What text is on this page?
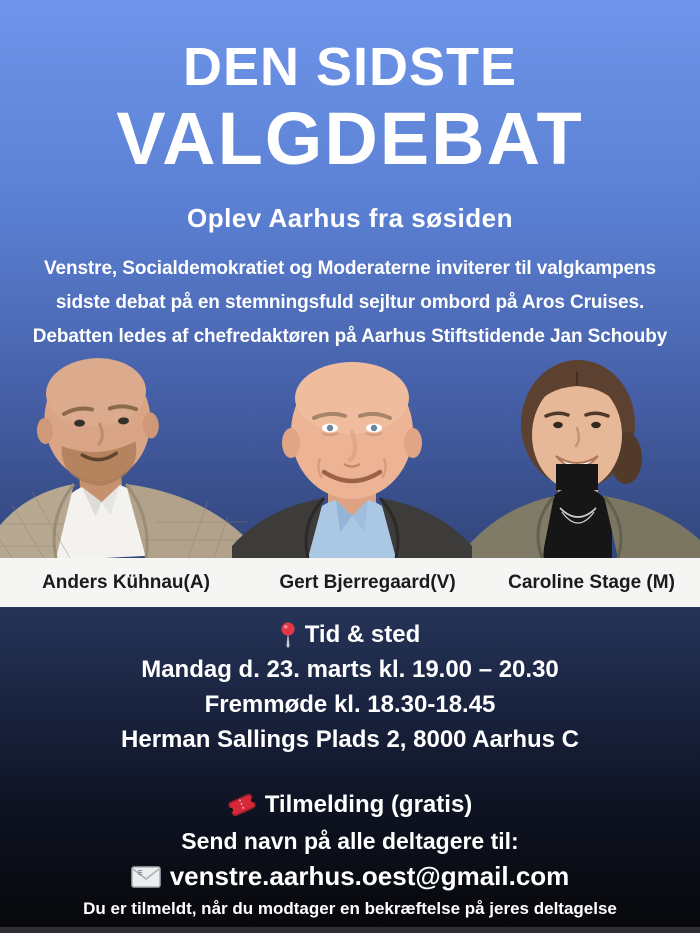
DEN SIDSTE
VALGDEBAT
Oplev Aarhus fra søsiden
Venstre, Socialdemokratiet og Moderaterne inviterer til valgkampens
sidste debat på en stemningsfuld sejltur ombord på Aros Cruises.
Debatten ledes af chefredaktøren på Aarhus Stiftstidende Jan Schouby
Anders Kühnau(A)	Gert Bjerregaard(V)	Caroline Stage (M)
Tid & sted
Mandag d. 23. marts kl. 19.00 – 20.30
Fremmøde kl. 18.30-18.45
Herman Sallings Plads 2, 8000 Aarhus C
Tilmelding (gratis)
Send navn på alle deltagere til:
E venstre.aarhus.oest@gmail.com
Du er tilmeldt, når du modtager en bekræftelse på jeres deltagelse
